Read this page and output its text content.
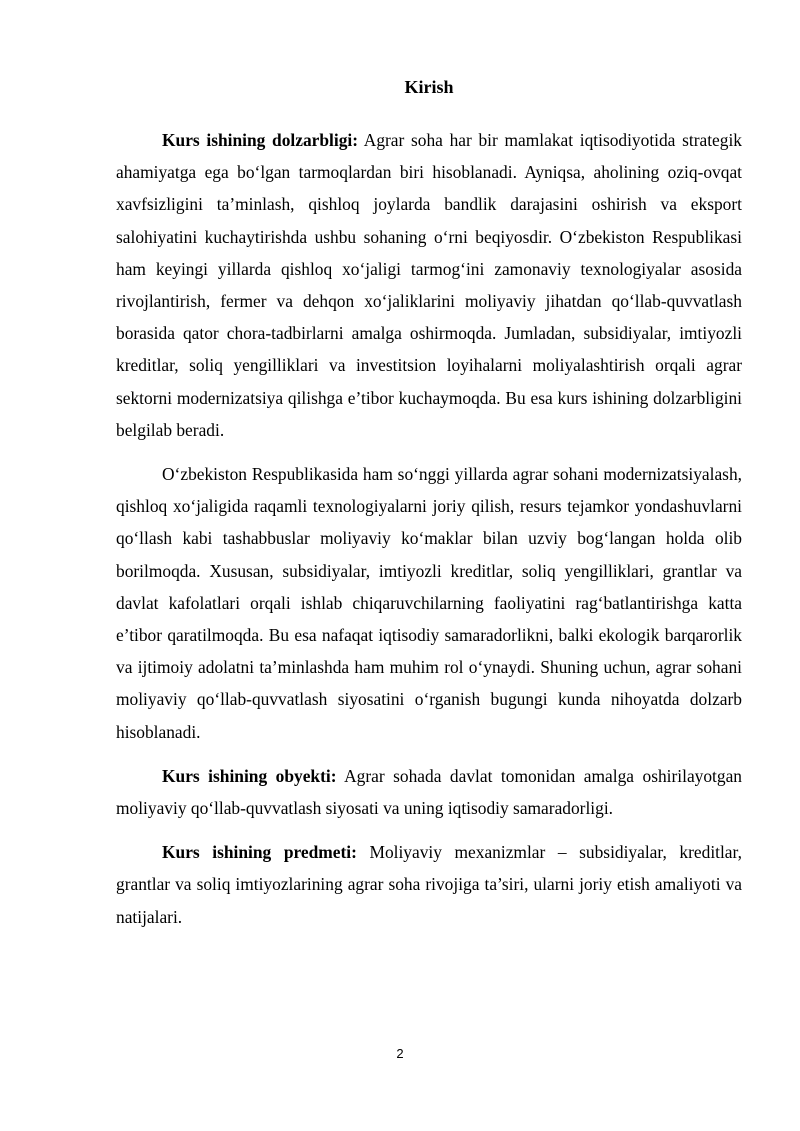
Kirish

Kurs ishining dolzarbligi: Agrar soha har bir mamlakat iqtisodiyotida strategik ahamiyatga ega bo‘lgan tarmoqlardan biri hisoblanadi. Ayniqsa, aholining oziq-ovqat xavfsizligini ta’minlash, qishloq joylarda bandlik darajasini oshirish va eksport salohiyatini kuchaytirishda ushbu sohaning o‘rni beqiyosdir. O‘zbekiston Respublikasi ham keyingi yillarda qishloq xo‘jaligi tarmog‘ini zamonaviy texnologiyalar asosida rivojlantirish, fermer va dehqon xo‘jaliklarini moliyaviy jihatdan qo‘llab-quvvatlash borasida qator chora-tadbirlarni amalga oshirmoqda. Jumladan, subsidiyalar, imtiyozli kreditlar, soliq yengilliklari va investitsion loyihalarni moliyalashtirish orqali agrar sektorni modernizatsiya qilishga e’tibor kuchaymoqda. Bu esa kurs ishining dolzarbligini belgilab beradi.

O‘zbekiston Respublikasida ham so‘nggi yillarda agrar sohani modernizatsiyalash, qishloq xo‘jaligida raqamli texnologiyalarni joriy qilish, resurs tejamkor yondashuvlarni qo‘llash kabi tashabbuslar moliyaviy ko‘maklar bilan uzviy bog‘langan holda olib borilmoqda. Xususan, subsidiyalar, imtiyozli kreditlar, soliq yengilliklari, grantlar va davlat kafolatlari orqali ishlab chiqaruvchilarning faoliyatini rag‘batlantirishga katta e’tibor qaratilmoqda. Bu esa nafaqat iqtisodiy samaradorlikni, balki ekologik barqarorlik va ijtimoiy adolatni ta’minlashda ham muhim rol o‘ynaydi. Shuning uchun, agrar sohani moliyaviy qo‘llab-quvvatlash siyosatini o‘rganish bugungi kunda nihoyatda dolzarb hisoblanadi.

Kurs ishining obyekti: Agrar sohada davlat tomonidan amalga oshirilayotgan moliyaviy qo‘llab-quvvatlash siyosati va uning iqtisodiy samaradorligi.

Kurs ishining predmeti: Moliyaviy mexanizmlar – subsidiyalar, kreditlar, grantlar va soliq imtiyozlarining agrar soha rivojiga ta’siri, ularni joriy etish amaliyoti va natijalari.

2
